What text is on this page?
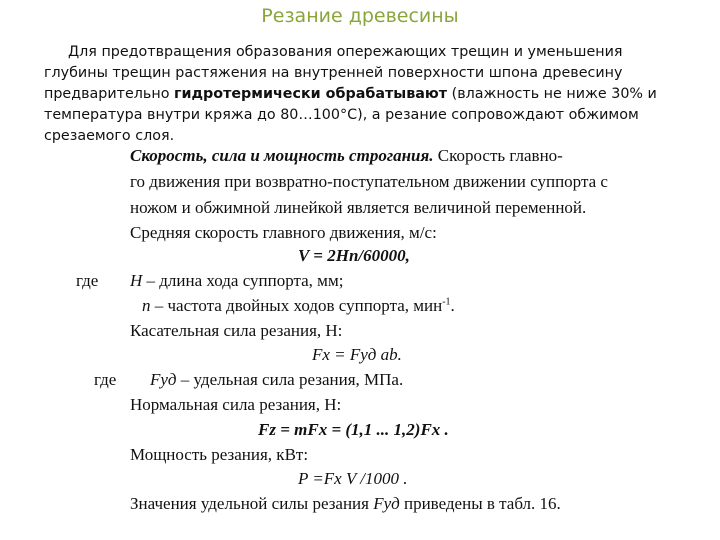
Резание древесины

Для предотвращения образования опережающих трещин и уменьшения

глубины трещин растяжения на внутренней поверхности шпона древесину

предварительно гидротермически обрабатывают (влажность не ниже 30% и

температура внутри кряжа до 80…100°С), а резание сопровождают обжимом

срезаемого слоя.

Скорость, сила и мощность строгания. Скорость главно-
го движения при возвратно-поступательном движении суппорта с
ножом и обжимной линейкой является величиной переменной.
Средняя скорость главного движения, м/с:
V = 2Hn/60000,
где H – длина хода суппорта, мм;
n – частота двойных ходов суппорта, мин$^{-1}$.
Касательная сила резания, Н:
Fx = Fуд ab.
где Fуд – удельная сила резания, МПа.
Нормальная сила резания, Н:
Fz = mFx = (1,1 ... 1,2)Fx .
Мощность резания, кВт:
P =Fx V /1000 .
Значения удельной силы резания Fуд приведены в табл. 16.
